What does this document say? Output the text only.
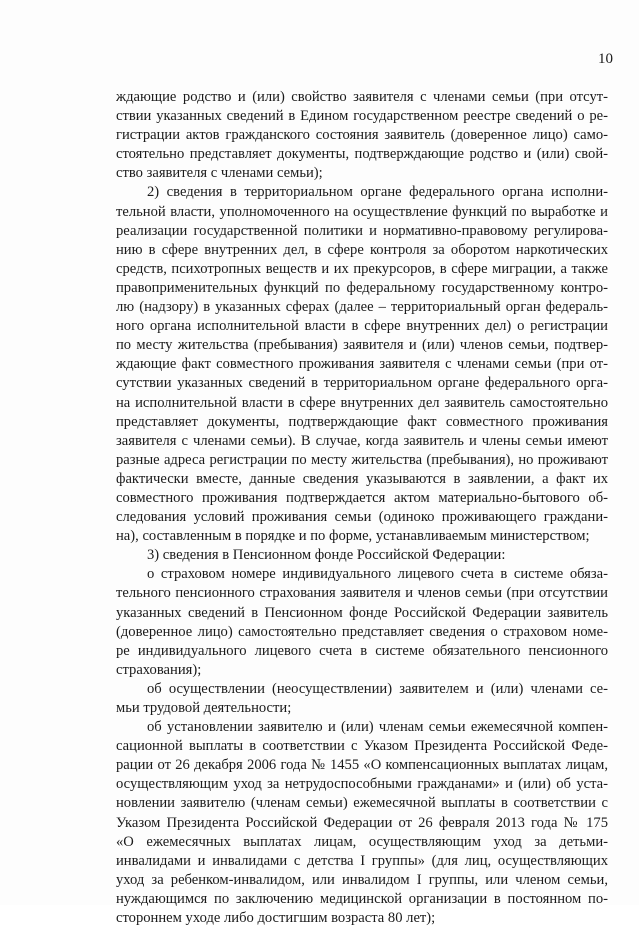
10

ждающие родство и (или) свойство заявителя с членами семьи (при отсут-
ствии указанных сведений в Едином государственном реестре сведений о ре-
гистрации актов гражданского состояния заявитель (доверенное лицо) само-
стоятельно представляет документы, подтверждающие родство и (или) свой-
ство заявителя с членами семьи);

2) сведения в территориальном органе федерального органа исполни-
тельной власти, уполномоченного на осуществление функций по выработке и
реализации государственной политики и нормативно-правовому регулирова-
нию в сфере внутренних дел, в сфере контроля за оборотом наркотических
средств, психотропных веществ и их прекурсоров, в сфере миграции, а также
правоприменительных функций по федеральному государственному контро-
лю (надзору) в указанных сферах (далее – территориальный орган федераль-
ного органа исполнительной власти в сфере внутренних дел) о регистрации
по месту жительства (пребывания) заявителя и (или) членов семьи, подтвер-
ждающие факт совместного проживания заявителя с членами семьи (при от-
сутствии указанных сведений в территориальном органе федерального орга-
на исполнительной власти в сфере внутренних дел заявитель самостоятельно
представляет документы, подтверждающие факт совместного проживания
заявителя с членами семьи). В случае, когда заявитель и члены семьи имеют
разные адреса регистрации по месту жительства (пребывания), но проживают
фактически вместе, данные сведения указываются в заявлении, а факт их
совместного проживания подтверждается актом материально-бытового об-
следования условий проживания семьи (одиноко проживающего граждани-
на), составленным в порядке и по форме, устанавливаемым министерством;

3) сведения в Пенсионном фонде Российской Федерации:

о страховом номере индивидуального лицевого счета в системе обяза-
тельного пенсионного страхования заявителя и членов семьи (при отсутствии
указанных сведений в Пенсионном фонде Российской Федерации заявитель
(доверенное лицо) самостоятельно представляет сведения о страховом номе-
ре индивидуального лицевого счета в системе обязательного пенсионного
страхования);

об осуществлении (неосуществлении) заявителем и (или) членами се-
мьи трудовой деятельности;

об установлении заявителю и (или) членам семьи ежемесячной компен-
сационной выплаты в соответствии с Указом Президента Российской Феде-
рации от 26 декабря 2006 года № 1455 «О компенсационных выплатах лицам,
осуществляющим уход за нетрудоспособными гражданами» и (или) об уста-
новлении заявителю (членам семьи) ежемесячной выплаты в соответствии с
Указом Президента Российской Федерации от 26 февраля 2013 года № 175
«О ежемесячных выплатах лицам, осуществляющим уход за детьми-
инвалидами и инвалидами с детства I группы» (для лиц, осуществляющих
уход за ребенком-инвалидом, или инвалидом I группы, или членом семьи,
нуждающимся по заключению медицинской организации в постоянном по-
стороннем уходе либо достигшим возраста 80 лет);
